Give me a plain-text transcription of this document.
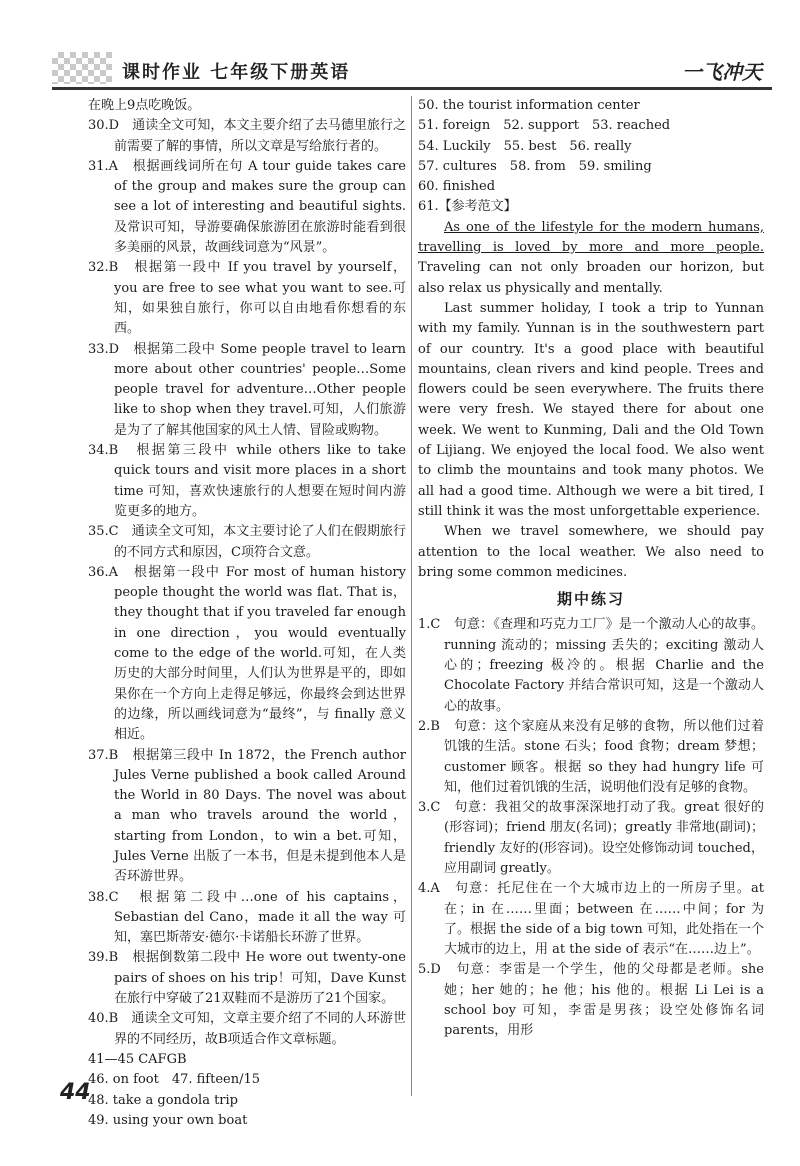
课时作业 七年级下册英语	一飞冲天

在晚上9点吃晚饭。

30.D　通读全文可知，本文主要介绍了去马德里旅行之前需要了解的事情，所以文章是写给旅行者的。

31.A　根据画线词所在句 A tour guide takes care of the group and makes sure the group can see a lot of interesting and beautiful sights.及常识可知，导游要确保旅游团在旅游时能看到很多美丽的风景，故画线词意为“风景”。

32.B　根据第一段中 If you travel by yourself，you are free to see what you want to see.可知，如果独自旅行，你可以自由地看你想看的东西。

33.D　根据第二段中 Some people travel to learn more about other countries' people…Some people travel for adventure…Other people like to shop when they travel.可知，人们旅游是为了了解其他国家的风土人情、冒险或购物。

34.B　根据第三段中 while others like to take quick tours and visit more places in a short time 可知，喜欢快速旅行的人想要在短时间内游览更多的地方。

35.C　通读全文可知，本文主要讨论了人们在假期旅行的不同方式和原因，C项符合文意。

36.A　根据第一段中 For most of human history people thought the world was flat. That is，they thought that if you traveled far enough in one direction，you would eventually come to the edge of the world.可知，在人类历史的大部分时间里，人们认为世界是平的，即如果你在一个方向上走得足够远，你最终会到达世界的边缘，所以画线词意为“最终”，与 finally 意义相近。

37.B　根据第三段中 In 1872，the French author Jules Verne published a book called Around the World in 80 Days. The novel was about a man who travels around the world，starting from London，to win a bet.可知，Jules Verne 出版了一本书，但是未提到他本人是否环游世界。

38.C　根据第二段中…one of his captains，Sebastian del Cano，made it all the way 可知，塞巴斯蒂安·德尔·卡诺船长环游了世界。

39.B　根据倒数第二段中 He wore out twenty-one pairs of shoes on his trip！可知，Dave Kunst 在旅行中穿破了21双鞋而不是游历了21个国家。

40.B　通读全文可知，文章主要介绍了不同的人环游世界的不同经历，故B项适合作文章标题。

41—45 CAFGB

46. on foot　47. fifteen/15

48. take a gondola trip

49. using your own boat

50. the tourist information center

51. foreign　52. support　53. reached

54. Luckily　55. best　56. really

57. cultures　58. from　59. smiling

60. finished

61.【参考范文】

As one of the lifestyle for the modern humans, travelling is loved by more and more people. Traveling can not only broaden our horizon, but also relax us physically and mentally.

Last summer holiday, I took a trip to Yunnan with my family. Yunnan is in the southwestern part of our country. It's a good place with beautiful mountains, clean rivers and kind people. Trees and flowers could be seen everywhere. The fruits there were very fresh. We stayed there for about one week. We went to Kunming, Dali and the Old Town of Lijiang. We enjoyed the local food. We also went to climb the mountains and took many photos. We all had a good time. Although we were a bit tired, I still think it was the most unforgettable experience.

When we travel somewhere, we should pay attention to the local weather. We also need to bring some common medicines.

期中练习

1.C　句意：《查理和巧克力工厂》是一个激动人心的故事。running 流动的；missing 丢失的；exciting 激动人心的；freezing 极冷的。根据 Charlie and the Chocolate Factory 并结合常识可知，这是一个激动人心的故事。

2.B　句意：这个家庭从来没有足够的食物，所以他们过着饥饿的生活。stone 石头；food 食物；dream 梦想；customer 顾客。根据 so they had hungry life 可知，他们过着饥饿的生活，说明他们没有足够的食物。

3.C　句意：我祖父的故事深深地打动了我。great 很好的(形容词)；friend 朋友(名词)；greatly 非常地(副词)；friendly 友好的(形容词)。设空处修饰动词 touched，应用副词 greatly。

4.A　句意：托尼住在一个大城市边上的一所房子里。at 在；in 在……里面；between 在……中间；for 为了。根据 the side of a big town 可知，此处指在一个大城市的边上，用 at the side of 表示“在……边上”。

5.D　句意：李雷是一个学生，他的父母都是老师。she 她；her 她的；he 他；his 他的。根据 Li Lei is a school boy 可知，李雷是男孩；设空处修饰名词 parents，用形

44
